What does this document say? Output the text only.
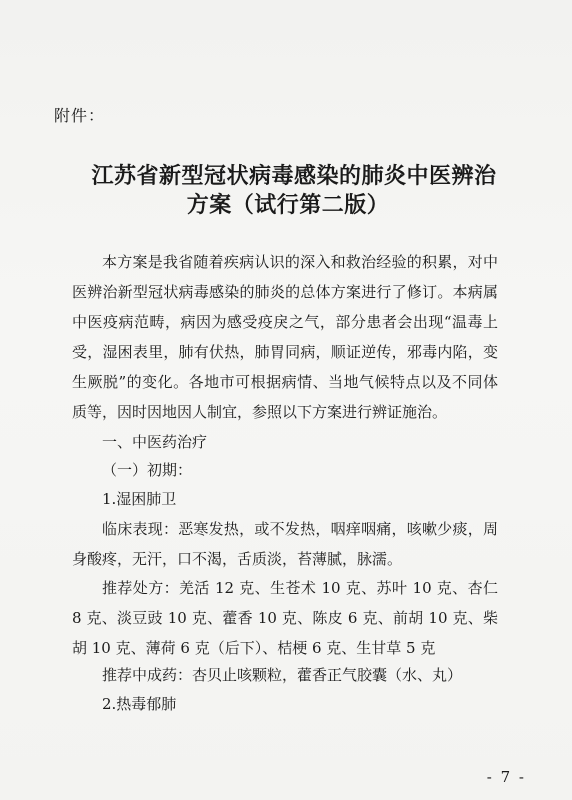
附件：
江苏省新型冠状病毒感染的肺炎中医辨治
方案（试行第二版）
本方案是我省随着疾病认识的深入和救治经验的积累，对中医辨治新型冠状病毒感染的肺炎的总体方案进行了修订。本病属中医疫病范畴，病因为感受疫戾之气，部分患者会出现“温毒上受，湿困表里，肺有伏热，肺胃同病，顺证逆传，邪毒内陷，变生厥脱”的变化。各地市可根据病情、当地气候特点以及不同体质等，因时因地因人制宜，参照以下方案进行辨证施治。
一、中医药治疗
（一）初期：
1.湿困肺卫
临床表现：恶寒发热，或不发热，咽痒咽痛，咳嗽少痰，周身酸疼，无汗，口不渴，舌质淡，苔薄腻，脉濡。
推荐处方：羌活 12 克、生苍术 10 克、苏叶 10 克、杏仁 8 克、淡豆豉 10 克、藿香 10 克、陈皮 6 克、前胡 10 克、柴胡 10 克、薄荷 6 克（后下）、桔梗 6 克、生甘草 5 克
推荐中成药：杏贝止咳颗粒，藿香正气胶囊（水、丸）
2.热毒郁肺
- 7 -
